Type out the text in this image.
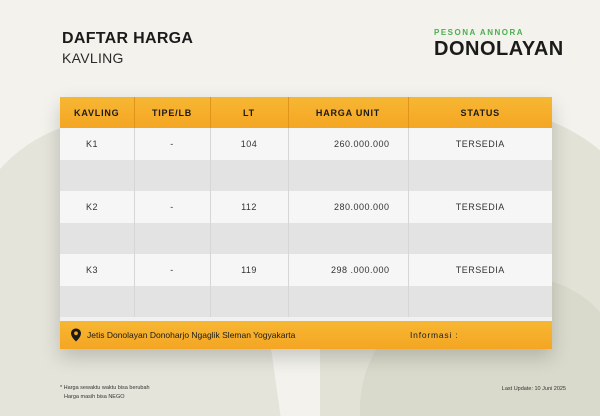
DAFTAR HARGA
KAVLING
PESONA ANNORA
DONOLAYAN
KAVLING	TIPE/LB	LT	HARGA UNIT	STATUS
K1	-	104	260.000.000	TERSEDIA

K2	-	112	280.000.000	TERSEDIA

K3	-	119	298 .000.000	TERSEDIA

Jetis Donolayan Donoharjo Ngaglik Sleman Yogyakarta	Informasi :
* Harga sewaktu waktu bisa berubah
Harga masih bisa NEGO
Last Update: 10 Juni 2025
